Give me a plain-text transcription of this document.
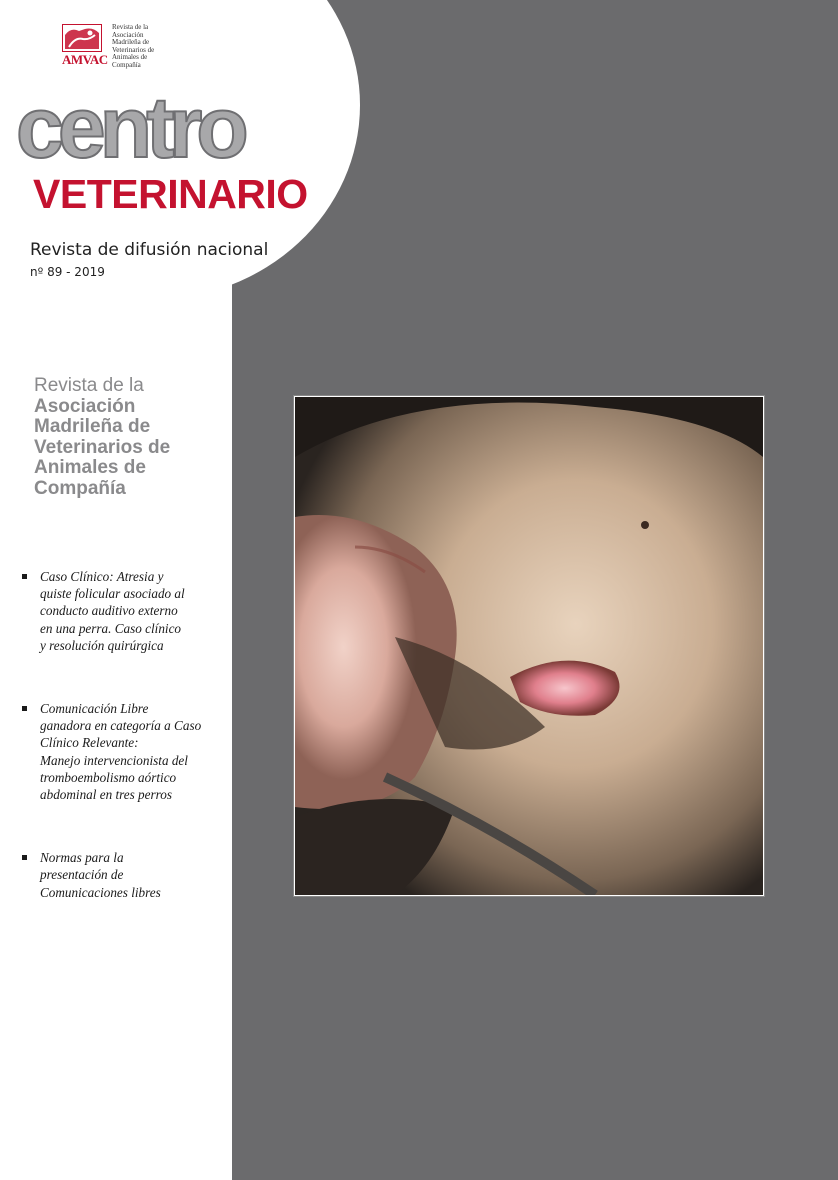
AMVAC
Revista de la
Asociación
Madrileña de
Veterinarios de
Animales de
Compañía
centro
VETERINARIO
Revista de difusión nacional
nº 89 - 2019
Revista de la
Asociación
Madrileña de
Veterinarios de
Animales de
Compañía
Caso Clínico: Atresia y
quiste folicular asociado al
conducto auditivo externo
en una perra. Caso clínico
y resolución quirúrgica
Comunicación Libre
ganadora en categoría a Caso
Clínico Relevante:
Manejo intervencionista del
tromboembolismo aórtico
abdominal en tres perros
Normas para la
presentación de
Comunicaciones libres
